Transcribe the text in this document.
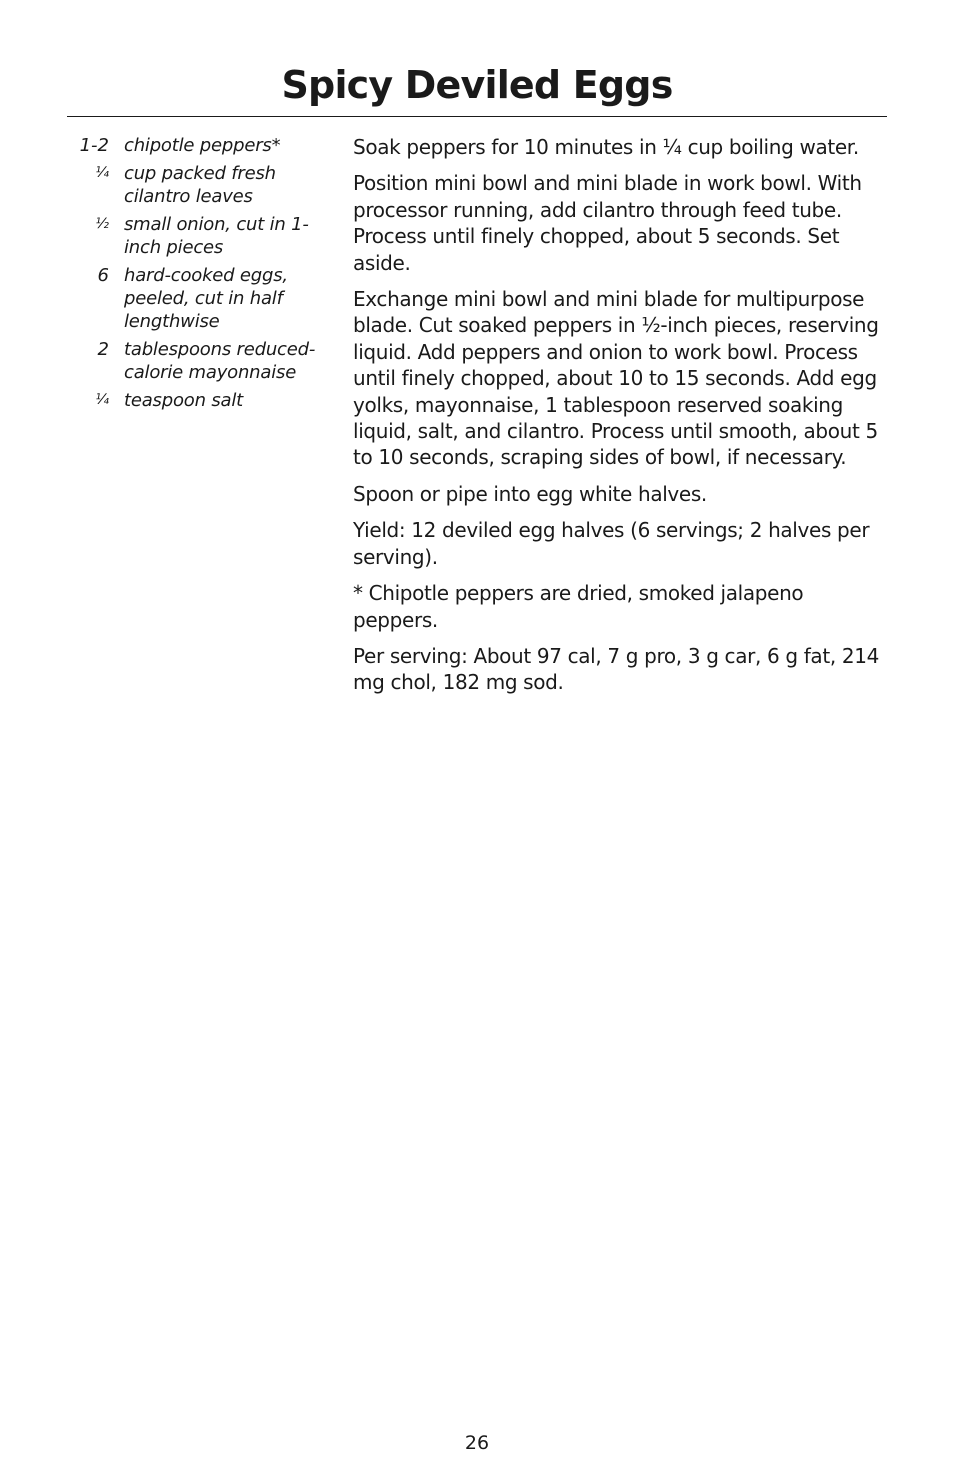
Spicy Deviled Eggs
1-2 chipotle peppers*
¼ cup packed fresh cilantro leaves
½ small onion, cut in 1-inch pieces
6 hard-cooked eggs, peeled, cut in half lengthwise
2 tablespoons reduced-calorie mayonnaise
¼ teaspoon salt

Soak peppers for 10 minutes in ¼ cup boiling water.

Position mini bowl and mini blade in work bowl. With processor running, add cilantro through feed tube. Process until finely chopped, about 5 seconds. Set aside.

Exchange mini bowl and mini blade for multipurpose blade. Cut soaked peppers in ½-inch pieces, reserving liquid. Add peppers and onion to work bowl. Process until finely chopped, about 10 to 15 seconds. Add egg yolks, mayonnaise, 1 tablespoon reserved soaking liquid, salt, and cilantro. Process until smooth, about 5 to 10 seconds, scraping sides of bowl, if necessary.

Spoon or pipe into egg white halves.

Yield: 12 deviled egg halves (6 servings; 2 halves per serving).

* Chipotle peppers are dried, smoked jalapeno peppers.

Per serving: About 97 cal, 7 g pro, 3 g car, 6 g fat, 214 mg chol, 182 mg sod.

26
